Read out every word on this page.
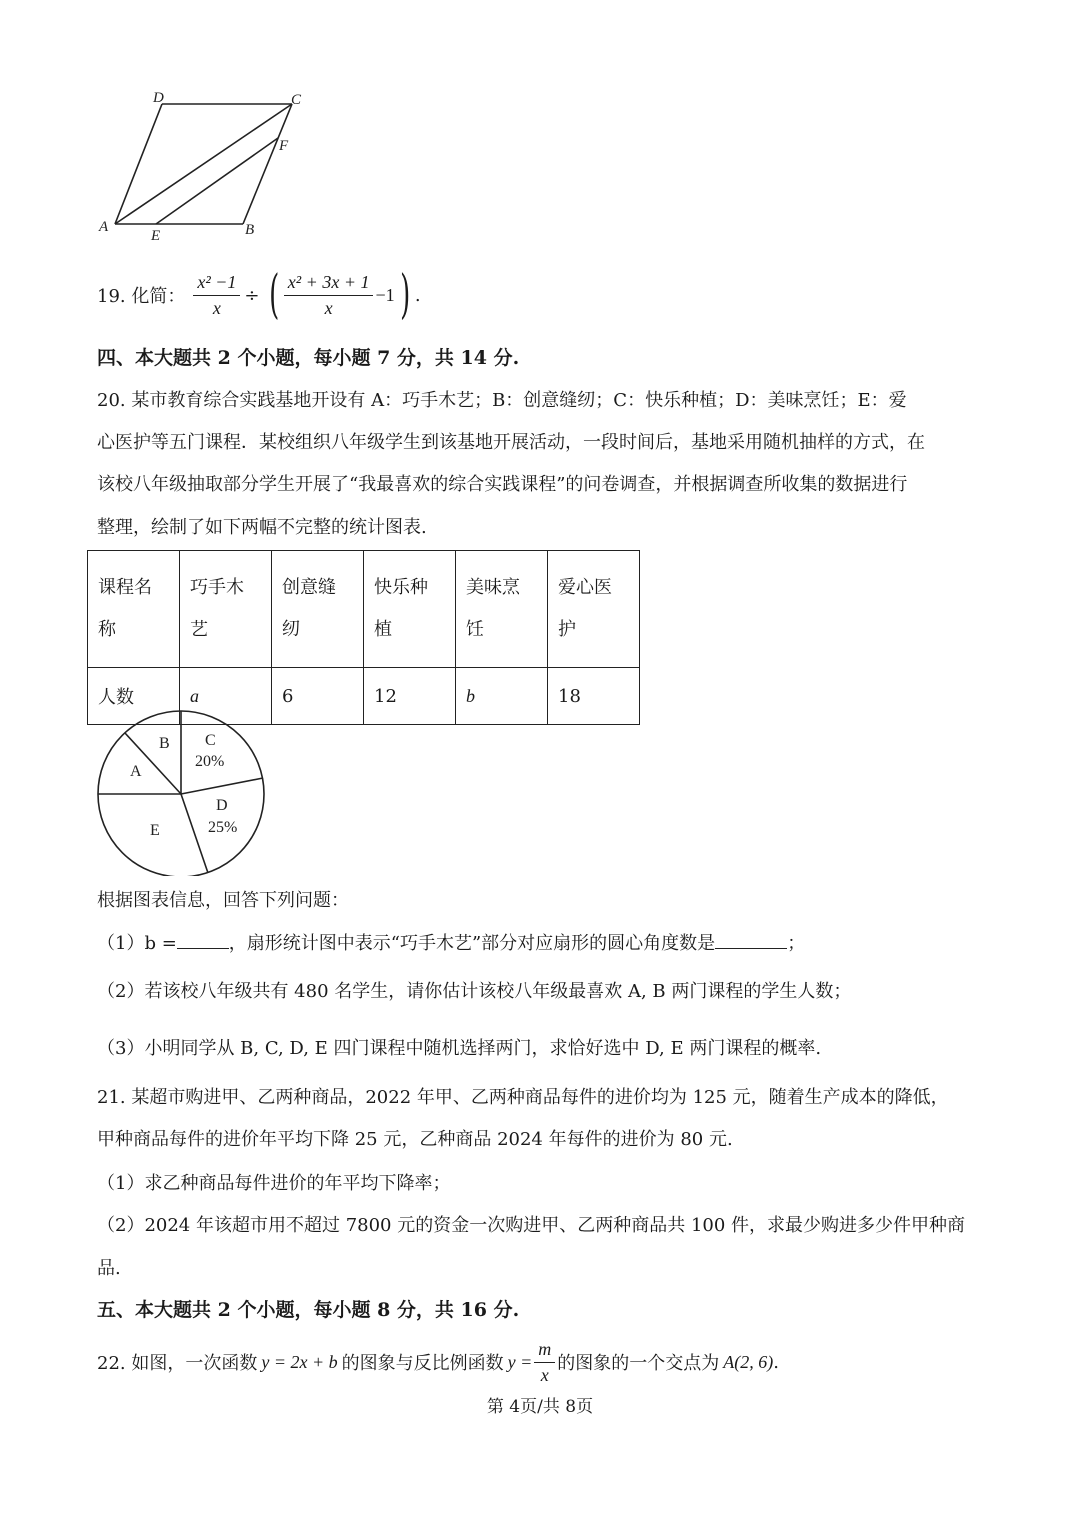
D	C
F
A
E	B
19. 化简： $\frac{\text{x² −1}}{x}$ ÷ ( $\frac{\text{x² + 3x + 1}}{x} -1$ ) .
四、本大题共 2 个小题，每小题 7 分，共 14 分.
20. 某市教育综合实践基地开设有 A：巧手木艺；B：创意缝纫；C：快乐种植；D：美味烹饪；E：爱
心医护等五门课程．某校组织八年级学生到该基地开展活动，一段时间后，基地采用随机抽样的方式，在
该校八年级抽取部分学生开展了“我最喜欢的综合实践课程”的问卷调查，并根据调查所收集的数据进行
整理，绘制了如下两幅不完整的统计图表.
课程名称	巧手木艺	创意缝纫	快乐种植	美味烹饪	爱心医护
人数	a	6	12	b	18
A
B C
20%
D
25%
E
根据图表信息，回答下列问题：
（1）b =	，扇形统计图中表示“巧手木艺”部分对应扇形的圆心角度数是	；
（2）若该校八年级共有 480 名学生，请你估计该校八年级最喜欢 A, B 两门课程的学生人数；
（3）小明同学从 B, C, D, E 四门课程中随机选择两门，求恰好选中 D, E 两门课程的概率.
21. 某超市购进甲、乙两种商品，2022 年甲、乙两种商品每件的进价均为 125 元，随着生产成本的降低，
甲种商品每件的进价年平均下降 25 元，乙种商品 2024 年每件的进价为 80 元.
（1）求乙种商品每件进价的年平均下降率；
（2）2024 年该超市用不超过 7800 元的资金一次购进甲、乙两种商品共 100 件，求最少购进多少件甲种商
品.
五、本大题共 2 个小题，每小题 8 分，共 16 分.
22. 如图，一次函数 y = 2x + b 的图象与反比例函数 $y = \frac{m}{x}$ 的图象的一个交点为 A(2, 6) .
第 4页/共 8页
